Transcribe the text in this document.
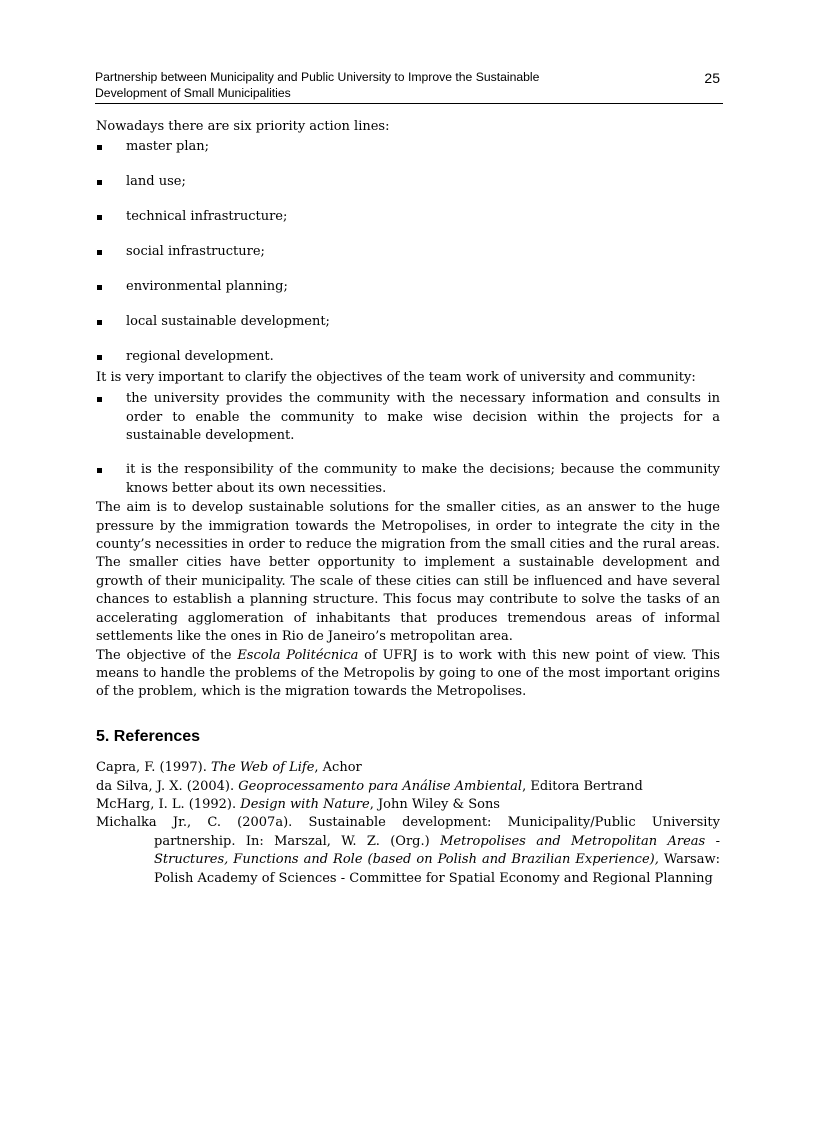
Partnership between Municipality and Public University to Improve the Sustainable
Development of Small Municipalities
25

Nowadays there are six priority action lines:

master plan;
land use;
technical infrastructure;
social infrastructure;
environmental planning;
local sustainable development;
regional development.

It is very important to clarify the objectives of the team work of university and community:

the university provides the community with the necessary information and consults in order to enable the community to make wise decision within the projects for a sustainable development.
it is the responsibility of the community to make the decisions; because the community knows better about its own necessities.

The aim is to develop sustainable solutions for the smaller cities, as an answer to the huge pressure by the immigration towards the Metropolises, in order to integrate the city in the county’s necessities in order to reduce the migration from the small cities and the rural areas.

The smaller cities have better opportunity to implement a sustainable development and growth of their municipality. The scale of these cities can still be influenced and have several chances to establish a planning structure. This focus may contribute to solve the tasks of an accelerating agglomeration of inhabitants that produces tremendous areas of informal settlements like the ones in Rio de Janeiro’s metropolitan area.

The objective of the Escola Politécnica of UFRJ is to work with this new point of view. This means to handle the problems of the Metropolis by going to one of the most important origins of the problem, which is the migration towards the Metropolises.

5. References

Capra, F. (1997). The Web of Life, Achor

da Silva, J. X. (2004). Geoprocessamento para Análise Ambiental, Editora Bertrand

McHarg, I. L. (1992). Design with Nature, John Wiley & Sons

Michalka Jr., C. (2007a). Sustainable development: Municipality/Public University partnership. In: Marszal, W. Z. (Org.) Metropolises and Metropolitan Areas - Structures, Functions and Role (based on Polish and Brazilian Experience), Warsaw: Polish Academy of Sciences - Committee for Spatial Economy and Regional Planning
